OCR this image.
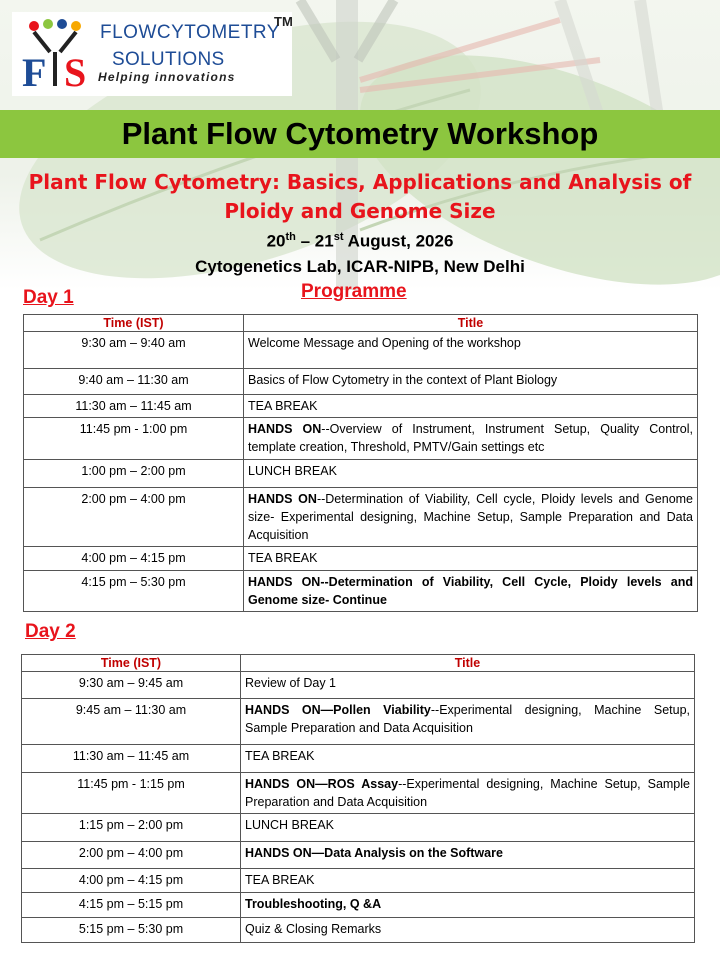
F S
FLOWCYTOMETRY
TM
SOLUTIONS
Helping innovations
Plant Flow Cytometry Workshop
Plant Flow Cytometry: Basics, Applications and Analysis of Ploidy and Genome Size
20th – 21st August, 2026
Cytogenetics Lab, ICAR-NIPB, New Delhi
Day 1	Programme
Time (IST)	Title
9:30 am – 9:40 am	Welcome Message and Opening of the workshop
9:40 am – 11:30 am	Basics of Flow Cytometry in the context of Plant Biology
11:30 am – 11:45 am	TEA BREAK
11:45 pm - 1:00 pm	HANDS ON--Overview of Instrument, Instrument Setup, Quality Control, template creation, Threshold, PMTV/Gain settings etc
1:00 pm – 2:00 pm	LUNCH BREAK
2:00 pm – 4:00 pm	HANDS ON--Determination of Viability, Cell cycle, Ploidy levels and Genome size- Experimental designing, Machine Setup, Sample Preparation and Data Acquisition
4:00 pm – 4:15 pm	TEA BREAK
4:15 pm – 5:30 pm	HANDS ON--Determination of Viability, Cell Cycle, Ploidy levels and Genome size- Continue
Day 2
Time (IST)	Title
9:30 am – 9:45 am	Review of Day 1
9:45 am – 11:30 am	HANDS ON—Pollen Viability--Experimental designing, Machine Setup, Sample Preparation and Data Acquisition
11:30 am – 11:45 am	TEA BREAK
11:45 pm - 1:15 pm	HANDS ON—ROS Assay--Experimental designing, Machine Setup, Sample Preparation and Data Acquisition
1:15 pm – 2:00 pm	LUNCH BREAK
2:00 pm – 4:00 pm	HANDS ON—Data Analysis on the Software
4:00 pm – 4:15 pm	TEA BREAK
4:15 pm – 5:15 pm	Troubleshooting, Q &A
5:15 pm – 5:30 pm	Quiz & Closing Remarks
